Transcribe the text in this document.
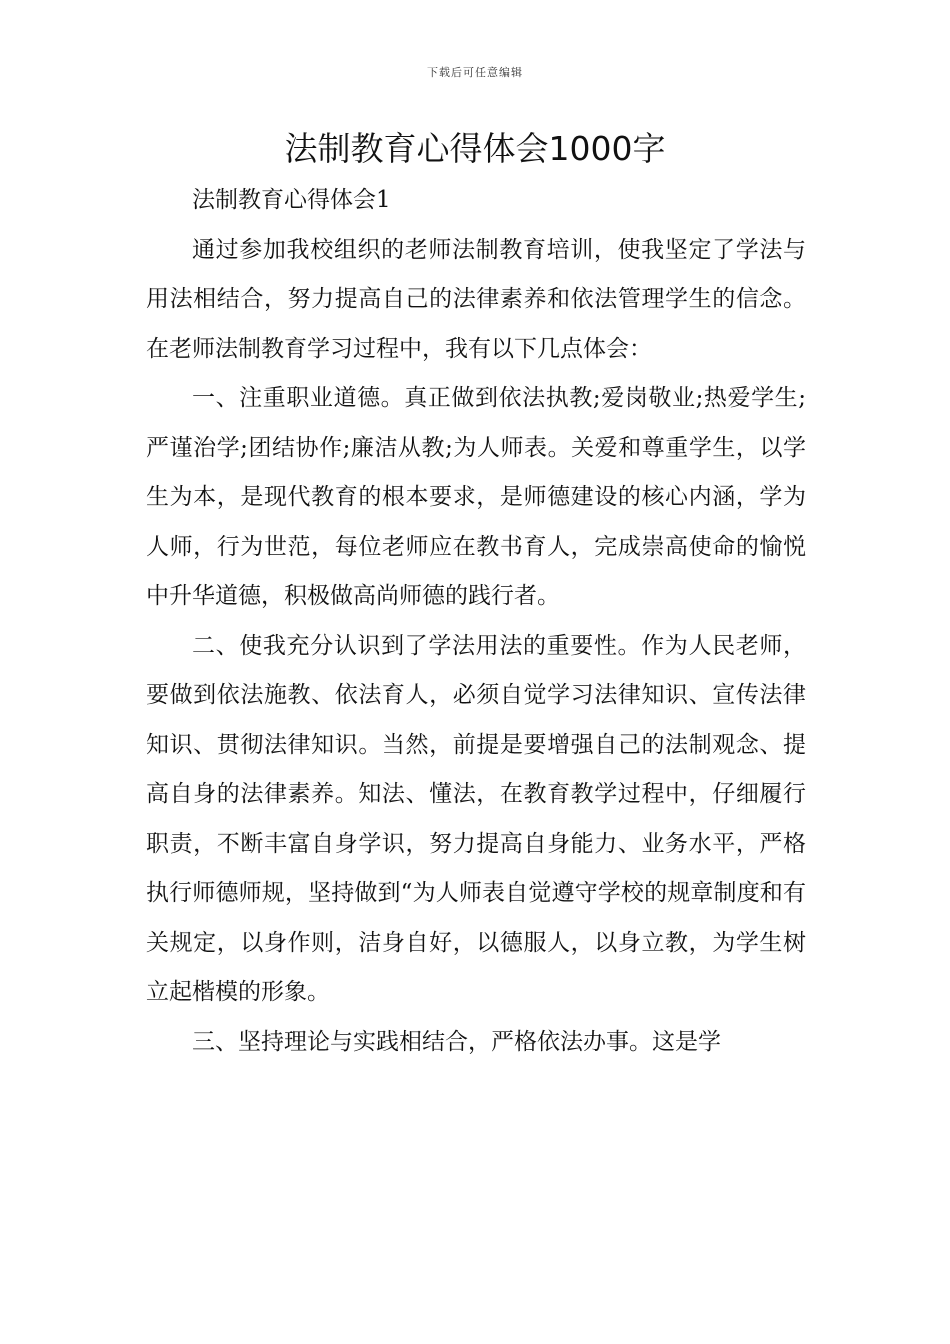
下载后可任意编辑
法制教育心得体会1000字

法制教育心得体会1

通过参加我校组织的老师法制教育培训，使我坚定了学法与用法相结合，努力提高自己的法律素养和依法管理学生的信念。在老师法制教育学习过程中，我有以下几点体会：

一、注重职业道德。真正做到依法执教;爱岗敬业;热爱学生;严谨治学;团结协作;廉洁从教;为人师表。关爱和尊重学生，以学生为本，是现代教育的根本要求，是师德建设的核心内涵，学为人师，行为世范，每位老师应在教书育人，完成崇高使命的愉悦中升华道德，积极做高尚师德的践行者。

二、使我充分认识到了学法用法的重要性。作为人民老师，要做到依法施教、依法育人，必须自觉学习法律知识、宣传法律知识、贯彻法律知识。当然，前提是要增强自己的法制观念、提高自身的法律素养。知法、懂法，在教育教学过程中，仔细履行职责，不断丰富自身学识，努力提高自身能力、业务水平，严格执行师德师规，坚持做到“为人师表自觉遵守学校的规章制度和有关规定，以身作则，洁身自好，以德服人，以身立教，为学生树立起楷模的形象。

三、坚持理论与实践相结合，严格依法办事。这是学
